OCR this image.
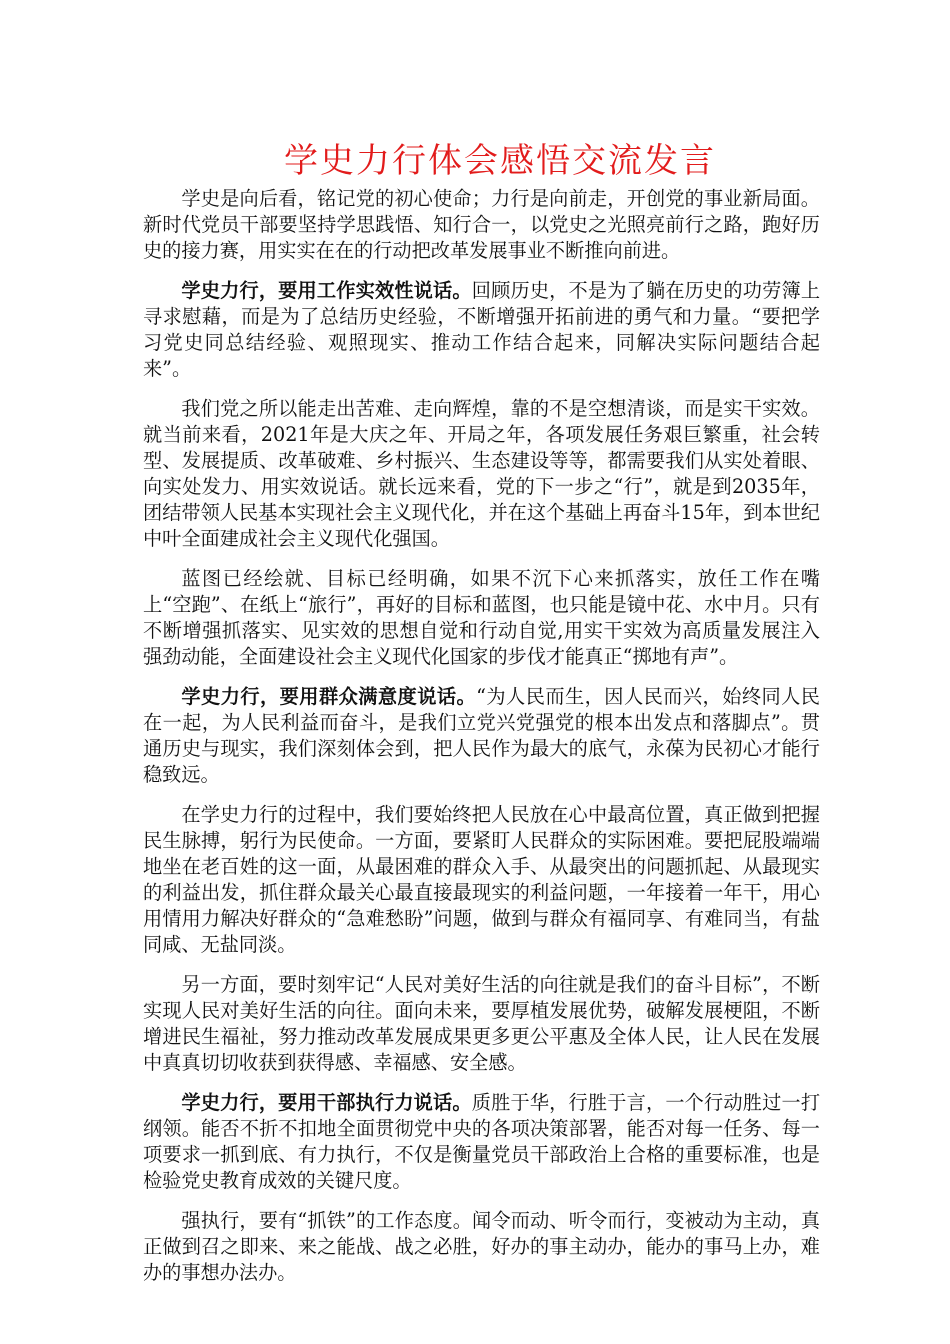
学史力行体会感悟交流发言

学史是向后看，铭记党的初心使命；力行是向前走，开创党的事业新局面。新时代党员干部要坚持学思践悟、知行合一，以党史之光照亮前行之路，跑好历史的接力赛，用实实在在的行动把改革发展事业不断推向前进。

学史力行，要用工作实效性说话。回顾历史，不是为了躺在历史的功劳簿上寻求慰藉，而是为了总结历史经验，不断增强开拓前进的勇气和力量。“要把学习党史同总结经验、观照现实、推动工作结合起来，同解决实际问题结合起来”。

我们党之所以能走出苦难、走向辉煌，靠的不是空想清谈，而是实干实效。就当前来看，2021年是大庆之年、开局之年，各项发展任务艰巨繁重，社会转型、发展提质、改革破难、乡村振兴、生态建设等等，都需要我们从实处着眼、向实处发力、用实效说话。就长远来看，党的下一步之“行”，就是到2035年，团结带领人民基本实现社会主义现代化，并在这个基础上再奋斗15年，到本世纪中叶全面建成社会主义现代化强国。

蓝图已经绘就、目标已经明确，如果不沉下心来抓落实，放任工作在嘴上“空跑”、在纸上“旅行”，再好的目标和蓝图，也只能是镜中花、水中月。只有不断增强抓落实、见实效的思想自觉和行动自觉,用实干实效为高质量发展注入强劲动能，全面建设社会主义现代化国家的步伐才能真正“掷地有声”。

学史力行，要用群众满意度说话。“为人民而生，因人民而兴，始终同人民在一起，为人民利益而奋斗，是我们立党兴党强党的根本出发点和落脚点”。贯通历史与现实，我们深刻体会到，把人民作为最大的底气，永葆为民初心才能行稳致远。

在学史力行的过程中，我们要始终把人民放在心中最高位置，真正做到把握民生脉搏，躬行为民使命。一方面，要紧盯人民群众的实际困难。要把屁股端端地坐在老百姓的这一面，从最困难的群众入手、从最突出的问题抓起、从最现实的利益出发，抓住群众最关心最直接最现实的利益问题，一年接着一年干，用心用情用力解决好群众的“急难愁盼”问题，做到与群众有福同享、有难同当，有盐同咸、无盐同淡。

另一方面，要时刻牢记“人民对美好生活的向往就是我们的奋斗目标”，不断实现人民对美好生活的向往。面向未来，要厚植发展优势，破解发展梗阻，不断增进民生福祉，努力推动改革发展成果更多更公平惠及全体人民，让人民在发展中真真切切收获到获得感、幸福感、安全感。

学史力行，要用干部执行力说话。质胜于华，行胜于言，一个行动胜过一打纲领。能否不折不扣地全面贯彻党中央的各项决策部署，能否对每一任务、每一项要求一抓到底、有力执行，不仅是衡量党员干部政治上合格的重要标准，也是检验党史教育成效的关键尺度。

强执行，要有“抓铁”的工作态度。闻令而动、听令而行，变被动为主动，真正做到召之即来、来之能战、战之必胜，好办的事主动办，能办的事马上办，难办的事想办法办。
